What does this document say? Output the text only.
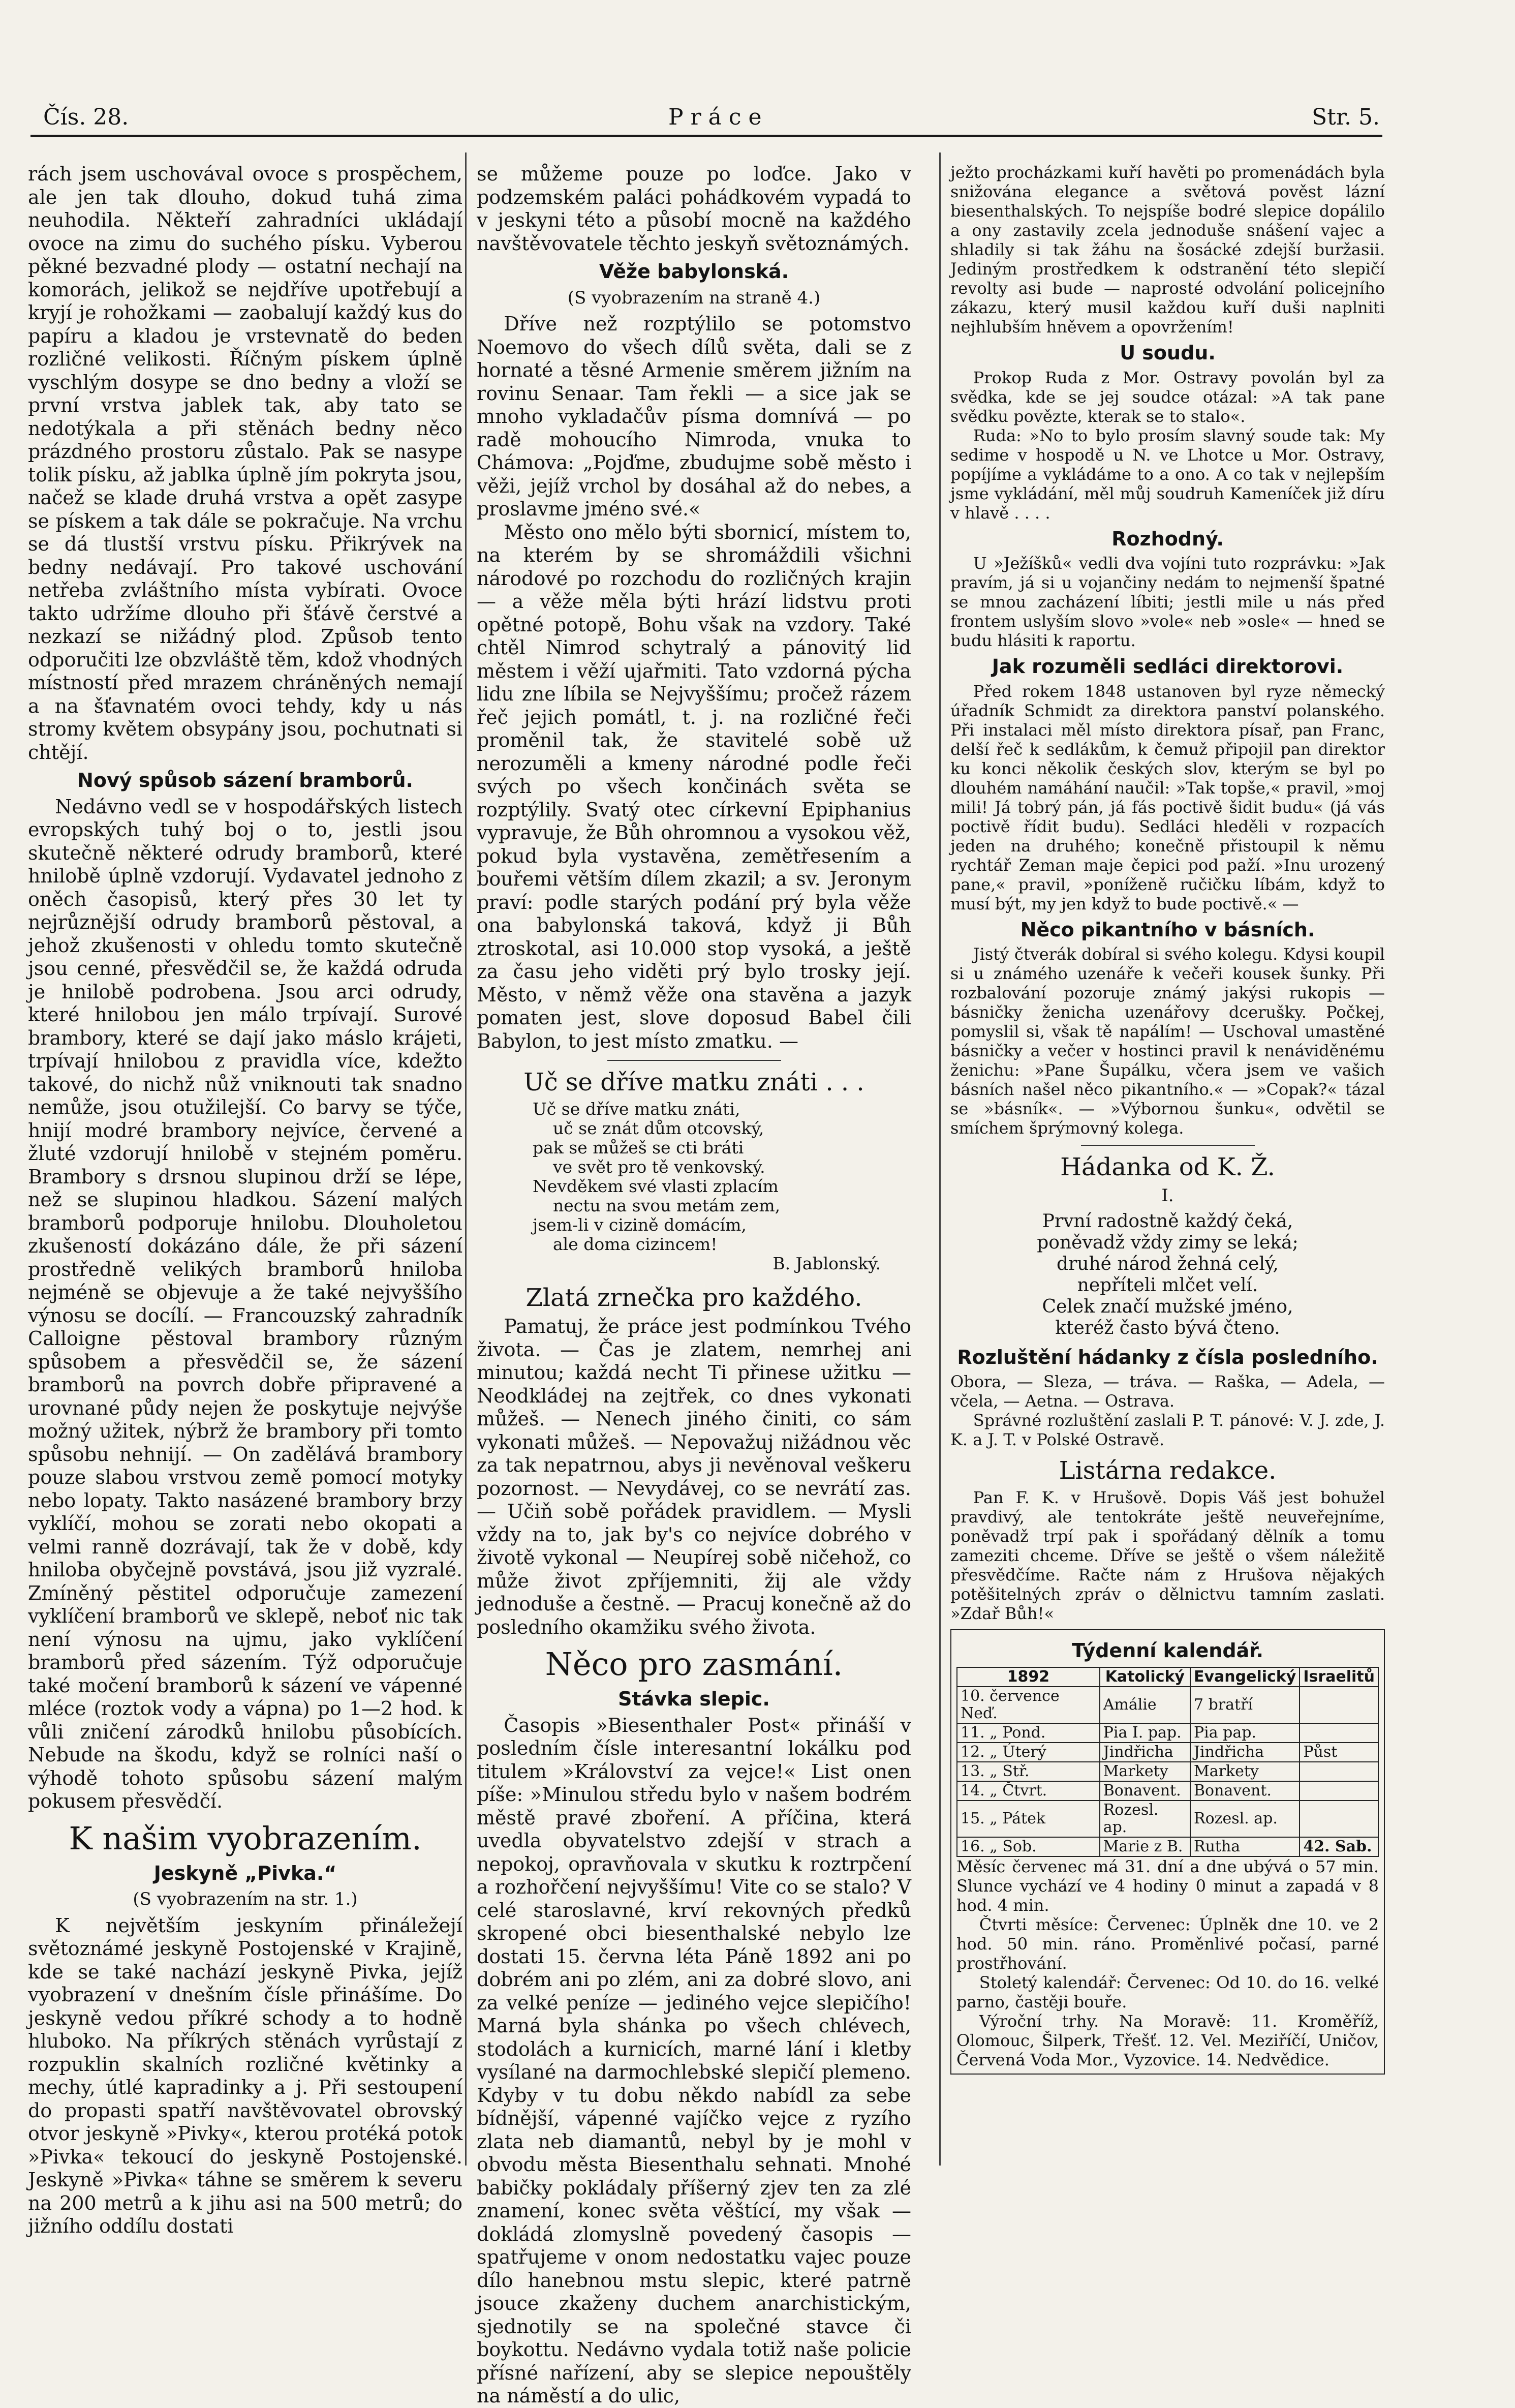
Čís. 28.	Práce	Str. 5.

rách jsem uschovával ovoce s prospěchem, ale jen tak dlouho, dokud tuhá zima neuhodila. Někteří zahradníci ukládají ovoce na zimu do suchého písku. Vyberou pěkné bezvadné plody — ostatní nechají na komorách, jelikož se nejdříve upotřebují a kryjí je rohožkami — zaobalují každý kus do papíru a kladou je vrstevnatě do beden rozličné velikosti. Říčným pískem úplně vyschlým dosype se dno bedny a vloží se první vrstva jablek tak, aby tato se nedotýkala a při stěnách bedny něco prázdného prostoru zůstalo. Pak se nasype tolik písku, až jablka úplně jím pokryta jsou, načež se klade druhá vrstva a opět zasype se pískem a tak dále se pokračuje. Na vrchu se dá tlustší vrstvu písku. Přikrývek na bedny nedávají. Pro takové uschování netřeba zvláštního místa vybírati. Ovoce takto udržíme dlouho při šťávě čerstvé a nezkazí se nižádný plod. Způsob tento odporučiti lze obzvláště těm, kdož vhodných místností před mrazem chráněných nemají a na šťavnatém ovoci tehdy, kdy u nás stromy květem obsypány jsou, pochutnati si chtějí.

Nový spůsob sázení bramborů.

Nedávno vedl se v hospodářských listech evropských tuhý boj o to, jestli jsou skutečně některé odrudy bramborů, které hnilobě úplně vzdorují. Vydavatel jednoho z oněch časopisů, který přes 30 let ty nejrůznější odrudy bramborů pěstoval, a jehož zkušenosti v ohledu tomto skutečně jsou cenné, přesvědčil se, že každá odruda je hnilobě podrobena. Jsou arci odrudy, které hnilobou jen málo trpívají. Surové brambory, které se dají jako máslo krájeti, trpívají hnilobou z pravidla více, kdežto takové, do nichž nůž vniknouti tak snadno nemůže, jsou otužilejší. Co barvy se týče, hnijí modré brambory nejvíce, červené a žluté vzdorují hnilobě v stejném poměru. Brambory s drsnou slupinou drží se lépe, než se slupinou hladkou. Sázení malých bramborů podporuje hnilobu. Dlouholetou zkušeností dokázáno dále, že při sázení prostředně velikých bramborů hniloba nejméně se objevuje a že také nejvyššího výnosu se docílí. — Francouzský zahradník Calloigne pěstoval brambory různým spůsobem a přesvědčil se, že sázení bramborů na povrch dobře připravené a urovnané půdy nejen že poskytuje nejvýše možný užitek, nýbrž že brambory při tomto spůsobu nehnijí. — On zadělává brambory pouze slabou vrstvou země pomocí motyky nebo lopaty. Takto nasázené brambory brzy vyklíčí, mohou se zorati nebo okopati a velmi ranně dozrávají, tak že v době, kdy hniloba obyčejně povstává, jsou již vyzralé. Zmíněný pěstitel odporučuje zamezení vyklíčení bramborů ve sklepě, neboť nic tak není výnosu na ujmu, jako vyklíčení bramborů před sázením. Týž odporučuje také močení bramborů k sázení ve vápenné mléce (roztok vody a vápna) po 1—2 hod. k vůli zničení zárodků hnilobu působících. Nebude na škodu, když se rolníci naší o výhodě tohoto spůsobu sázení malým pokusem přesvědčí.

K našim vyobrazením.
Jeskyně „Pivka.“
(S vyobrazením na str. 1.)

K největším jeskyním přináležejí světoznámé jeskyně Postojenské v Krajině, kde se také nachází jeskyně Pivka, jejíž vyobrazení v dnešním čísle přinášíme. Do jeskyně vedou příkré schody a to hodně hluboko. Na příkrých stěnách vyrůstají z rozpuklin skalních rozličné květinky a mechy, útlé kapradinky a j. Při sestoupení do propasti spatří navštěvovatel obrovský otvor jeskyně »Pivky«, kterou protéká potok »Pivka« tekoucí do jeskyně Postojenské. Jeskyně »Pivka« táhne se směrem k severu na 200 metrů a k jihu asi na 500 metrů; do jižního oddílu dostati

se můžeme pouze po loďce. Jako v podzemském paláci pohádkovém vypadá to v jeskyni této a působí mocně na každého navštěvovatele těchto jeskyň světoznámých.

Věže babylonská.
(S vyobrazením na straně 4.)

Dříve než rozptýlilo se potomstvo Noemovo do všech dílů světa, dali se z hornaté a těsné Armenie směrem jižním na rovinu Senaar. Tam řekli — a sice jak se mnoho vykladačův písma domnívá — po radě mohoucího Nimroda, vnuka to Chámova: „Pojďme, zbudujme sobě město i věži, jejíž vrchol by dosáhal až do nebes, a proslavme jméno své.«

Město ono mělo býti sbornicí, místem to, na kterém by se shromáždili všichni národové po rozchodu do rozličných krajin — a věže měla býti hrází lidstvu proti opětné potopě, Bohu však na vzdory. Také chtěl Nimrod schytralý a pánovitý lid městem i věží ujařmiti. Tato vzdorná pýcha lidu zne líbila se Nejvyššímu; pročež rázem řeč jejich pomátl, t. j. na rozličné řeči proměnil tak, že stavitelé sobě už nerozuměli a kmeny národné podle řeči svých po všech končinách světa se rozptýlily. Svatý otec církevní Epiphanius vypravuje, že Bůh ohromnou a vysokou věž, pokud byla vystavěna, zemětřesením a bouřemi větším dílem zkazil; a sv. Jeronym praví: podle starých podání prý byla věže ona babylonská taková, když ji Bůh ztroskotal, asi 10.000 stop vysoká, a ještě za času jeho viděti prý bylo trosky její. Město, v němž věže ona stavěna a jazyk pomaten jest, slove doposud Babel čili Babylon, to jest místo zmatku. —

Uč se dříve matku znáti . . .
Uč se dříve matku znáti,
uč se znát dům otcovský,
pak se můžeš se cti bráti
ve svět pro tě venkovský.
Nevděkem své vlasti zplacím
nectu na svou metám zem,
jsem-li v cizině domácím,
ale doma cizincem!
B. Jablonský.
Zlatá zrnečka pro každého.

Pamatuj, že práce jest podmínkou Tvého života. — Čas je zlatem, nemrhej ani minutou; každá necht Ti přinese užitku — Neodkládej na zejtřek, co dnes vykonati můžeš. — Nenech jiného činiti, co sám vykonati můžeš. — Nepovažuj nižádnou věc za tak nepatrnou, abys ji nevěnoval veškeru pozornost. — Nevydávej, co se nevrátí zas. — Učiň sobě pořádek pravidlem. — Mysli vždy na to, jak by's co nejvíce dobrého v životě vykonal — Neupírej sobě ničehož, co může život zpříjemniti, žij ale vždy jednoduše a čestně. — Pracuj konečně až do posledního okamžiku svého života.

Něco pro zasmání.
Stávka slepic.

Časopis »Biesenthaler Post« přináší v posledním čísle interesantní lokálku pod titulem »Království za vejce!« List onen píše: »Minulou středu bylo v našem bodrém městě pravé zboření. A příčina, která uvedla obyvatelstvo zdejší v strach a nepokoj, opravňovala v skutku k roztrpčení a rozhořčení nejvyššímu! Vite co se stalo? V celé staroslavné, krví rekovných předků skropené obci biesenthalské nebylo lze dostati 15. června léta Páně 1892 ani po dobrém ani po zlém, ani za dobré slovo, ani za velké peníze — jediného vejce slepičího! Marná byla shánka po všech chlévech, stodolách a kurnicích, marné lání i kletby vysílané na darmochlebské slepičí plemeno. Kdyby v tu dobu někdo nabídl za sebe bídnější, vápenné vajíčko vejce z ryzího zlata neb diamantů, nebyl by je mohl v obvodu města Biesenthalu sehnati. Mnohé babičky pokládaly příšerný zjev ten za zlé znamení, konec světa věštící, my však — dokládá zlomyslně povedený časopis — spatřujeme v onom nedostatku vajec pouze dílo hanebnou mstu slepic, které patrně jsouce zkaženy duchem anarchistickým, sjednotily se na společné stavce či boykottu. Nedávno vydala totiž naše policie přísné nařízení, aby se slepice nepouštěly na náměstí a do ulic,

ježto procházkami kuří havěti po promenádách byla snižována elegance a světová pověst lázní biesenthalských. To nejspíše bodré slepice dopálilo a ony zastavily zcela jednoduše snášení vajec a shladily si tak žáhu na šosácké zdejší buržasii. Jediným prostředkem k odstranění této slepičí revolty asi bude — naprosté odvolání policejního zákazu, který musil každou kuří duši naplniti nejhlubším hněvem a opovržením!

U soudu.

Prokop Ruda z Mor. Ostravy povolán byl za svědka, kde se jej soudce otázal: »A tak pane svědku povězte, kterak se to stalo«.

Ruda: »No to bylo prosím slavný soude tak: My sedime v hospodě u N. ve Lhotce u Mor. Ostravy, popíjíme a vykládáme to a ono. A co tak v nejlepším jsme vykládání, měl můj soudruh Kameníček již díru v hlavě . . . .

Rozhodný.

U »Ježíšků« vedli dva vojíni tuto rozprávku: »Jak pravím, já si u vojančiny nedám to nejmenší špatné se mnou zacházení líbiti; jestli mile u nás před frontem uslyším slovo »vole« neb »osle« — hned se budu hlásiti k raportu.

Jak rozuměli sedláci direktorovi.

Před rokem 1848 ustanoven byl ryze německý úřadník Schmidt za direktora panství polanského. Při instalaci měl místo direktora písař, pan Franc, delší řeč k sedlákům, k čemuž připojil pan direktor ku konci několik českých slov, kterým se byl po dlouhém namáhání naučil: »Tak topše,« pravil, »moj mili! Já tobrý pán, já fás poctivě šidit budu« (já vás poctivě řídit budu). Sedláci hleděli v rozpacích jeden na druhého; konečně přistoupil k němu rychtář Zeman maje čepici pod paží. »Inu urozený pane,« pravil, »poníženě ručičku líbám, když to musí být, my jen když to bude poctivě.« —

Něco pikantního v básních.

Jistý čtverák dobíral si svého kolegu. Kdysi koupil si u známého uzenáře k večeři kousek šunky. Při rozbalování pozoruje známý jakýsi rukopis — básničky ženicha uzenářovy dcerušky. Počkej, pomyslil si, však tě napálím! — Uschoval umastěné básničky a večer v hostinci pravil k nenáviděnému ženichu: »Pane Šupálku, včera jsem ve vašich básních našel něco pikantního.« — »Copak?« tázal se »básník«. — »Výbornou šunku«, odvětil se smíchem šprýmovný kolega.

Hádanka od K. Ž.
I.
První radostně každý čeká,
poněvadž vždy zimy se leká;
druhé národ žehná celý,
nepříteli mlčet velí.
Celek značí mužské jméno,
kteréž často bývá čteno.
Rozluštění hádanky z čísla posledního.

Obora, — Sleza, — tráva. — Raška, — Adela, — včela, — Aetna. — Ostrava.

Správné rozluštění zaslali P. T. pánové: V. J. zde, J. K. a J. T. v Polské Ostravě.

Listárna redakce.

Pan F. K. v Hrušově. Dopis Váš jest bohužel pravdivý, ale tentokráte ještě neuveřejníme, poněvadž trpí pak i spořádaný dělník a tomu zameziti chceme. Dříve se ještě o všem náležitě přesvědčíme. Račte nám z Hrušova nějakých potěšitelných zpráv o dělnictvu tamním zaslati. »Zdař Bůh!«

Týdenní kalendář.
1892	Katolický	Evangelický	Israelitů
10. července Neď.	Amálie	7 bratří	
11. „ Pond.	Pia I. pap.	Pia pap.	
12. „ Úterý	Jindřicha	Jindřicha	Půst
13. „ Stř.	Markety	Markety	
14. „ Čtvrt.	Bonavent.	Bonavent.	
15. „ Pátek	Rozesl. ap.	Rozesl. ap.	
16. „ Sob.	Marie z B.	Rutha	42. Sab.

Měsíc červenec má 31. dní a dne ubývá o 57 min. Slunce vychází ve 4 hodiny 0 minut a zapadá v 8 hod. 4 min.

Čtvrti měsíce: Červenec: Úplněk dne 10. ve 2 hod. 50 min. ráno. Proměnlivé počasí, parné prostřhování.

Stoletý kalendář: Červenec: Od 10. do 16. velké parno, častěji bouře.

Výroční trhy. Na Moravě: 11. Kroměříž, Olomouc, Šilperk, Třešť. 12. Vel. Meziříčí, Uničov, Červená Voda Mor., Vyzovice. 14. Nedvědice.
